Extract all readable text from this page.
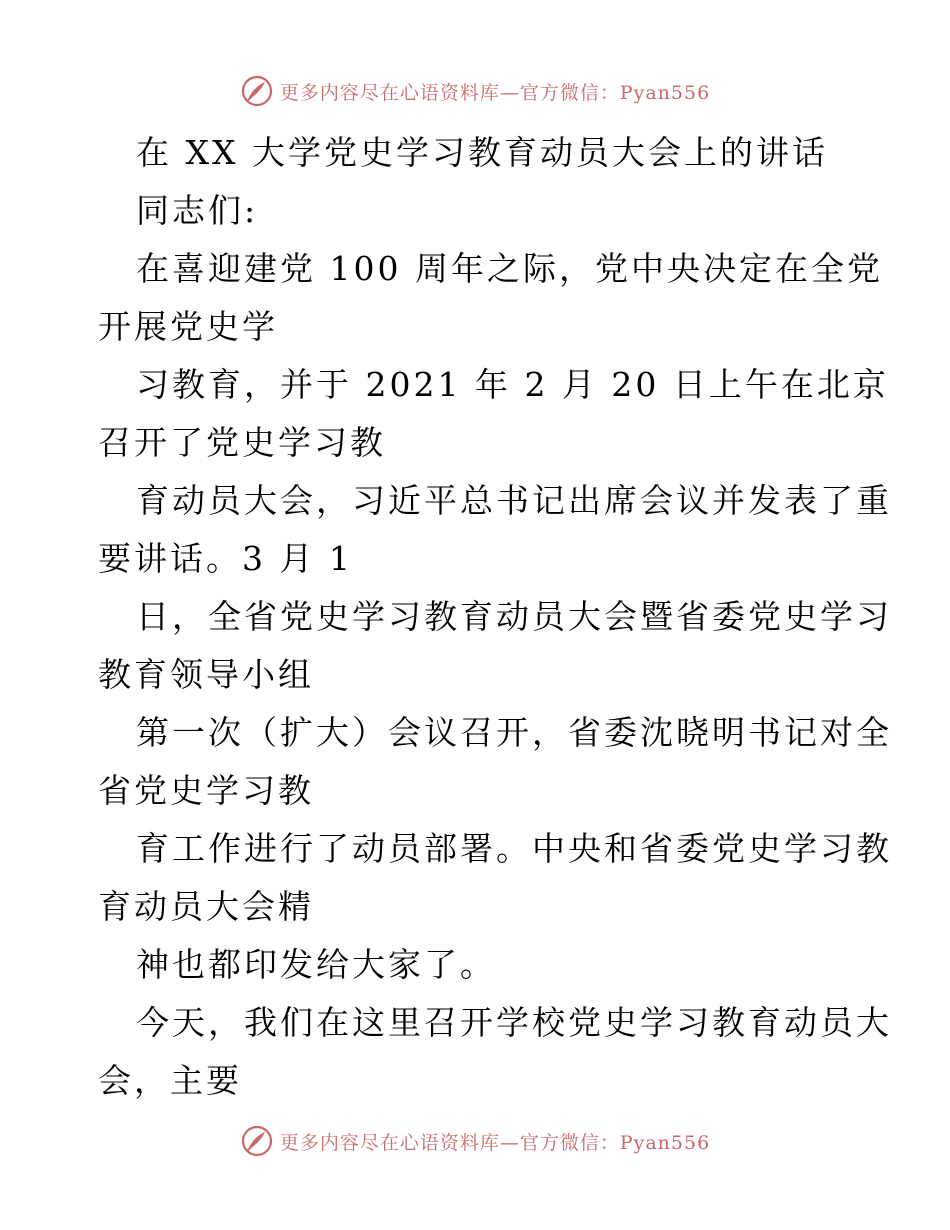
更多内容尽在心语资料库—官方微信：Pyan556
在 XX 大学党史学习教育动员大会上的讲话
同志们:
在喜迎建党 100 周年之际，党中央决定在全党
开展党史学
习教育，并于 2021 年 2 月 20 日上午在北京
召开了党史学习教
育动员大会，习近平总书记出席会议并发表了重
要讲话。3 月 1
日，全省党史学习教育动员大会暨省委党史学习
教育领导小组
第一次（扩大）会议召开，省委沈晓明书记对全
省党史学习教
育工作进行了动员部署。中央和省委党史学习教
育动员大会精
神也都印发给大家了。
今天，我们在这里召开学校党史学习教育动员大
会，主要
更多内容尽在心语资料库—官方微信：Pyan556
